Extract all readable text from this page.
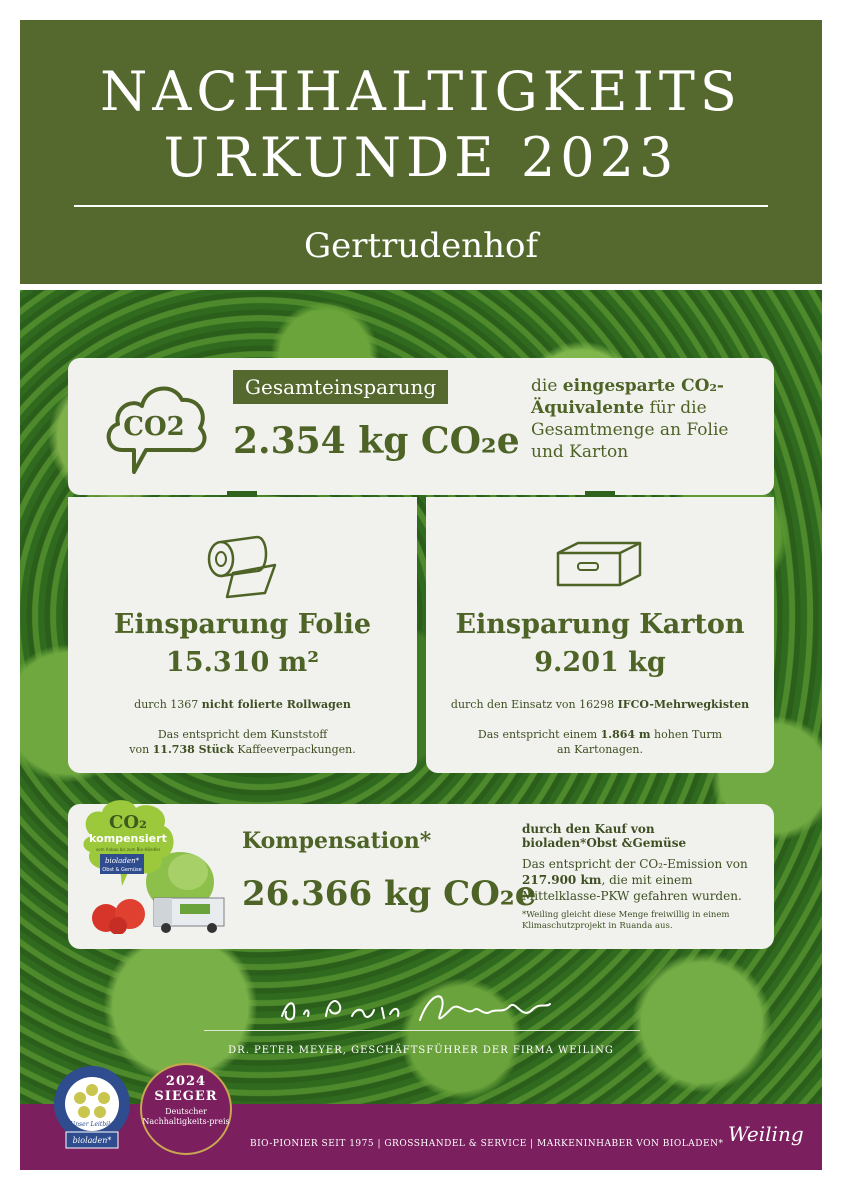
NACHHALTIGKEITS
URKUNDE 2023
Gertrudenhof
CO2
Gesamteinsparung
2.354 kg CO₂e
die eingesparte CO₂-Äquivalente für die Gesamtmenge an Folie und Karton
Einsparung Folie
15.310 m²
durch 1367 nicht folierte Rollwagen
Das entspricht dem Kunststoff
von 11.738 Stück Kaffeeverpackungen.
Einsparung Karton
9.201 kg
durch den Einsatz von 16298 IFCO-Mehrwegkisten
Das entspricht einem 1.864 m hohen Turm
an Kartonagen.
CO₂
kompensiert
vom Anbau bis zum Bio-Händler
bioladen*
Obst & Gemüse
Kompensation*
26.366 kg CO₂e
durch den Kauf von
bioladen*Obst &Gemüse
Das entspricht der CO₂-Emission von 217.900 km, die mit einem Mittelklasse-PKW gefahren wurden.
*Weiling gleicht diese Menge freiwillig in einem Klimaschutzprojekt in Ruanda aus.
DR. PETER MEYER, GESCHÄFTSFÜHRER DER FIRMA WEILING
BIO-PIONIER SEIT 1975 | GROSSHANDEL & SERVICE | MARKENINHABER VON BIOLADEN* Weiling
Unser Leitbild
bioladen*
2024
SIEGER
Deutscher Nachhaltigkeits-preis
